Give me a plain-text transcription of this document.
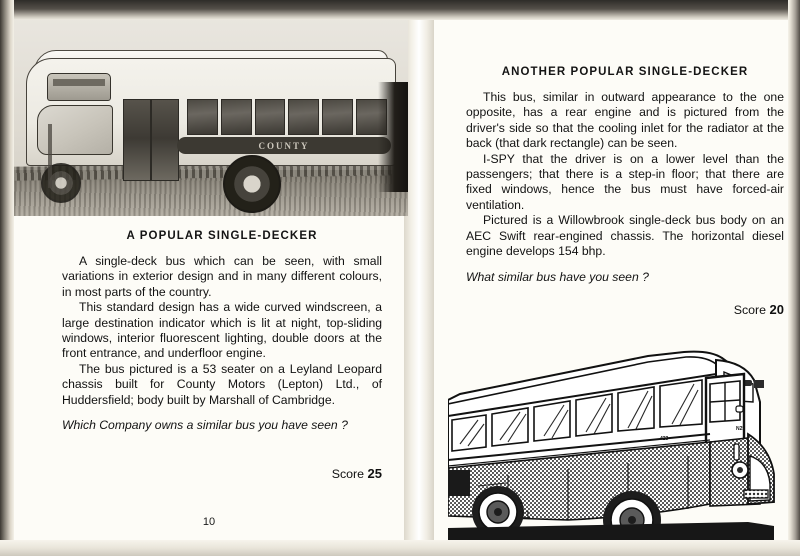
COUNTY
A POPULAR SINGLE-DECKER

A single-deck bus which can be seen, with small variations in exterior design and in many different colours, in most parts of the country.

This standard design has a wide curved windscreen, a large destination indicator which is lit at night, top-sliding windows, interior fluorescent lighting, double doors at the front entrance, and underfloor engine.

The bus pictured is a 53 seater on a Leyland Leopard chassis built for County Motors (Lepton) Ltd., of Huddersfield; body built by Marshall of Cambridge.

Which Company owns a similar bus you have seen ?
Score 25
10
ANOTHER POPULAR SINGLE-DECKER

This bus, similar in outward appearance to the one opposite, has a rear engine and is pictured from the driver's side so that the cooling inlet for the radiator at the back (that dark rectangle) can be seen.

I-SPY that the driver is on a lower level than the passengers; that there is a step-in floor; that there are fixed windows, hence the bus must have forced-air ventilation.

Pictured is a Willowbrook single-deck bus body on an AEC Swift rear-engined chassis. The horizontal diesel engine develops 154 bhp.

What similar bus have you seen ?
Score 20
423
N25
11
